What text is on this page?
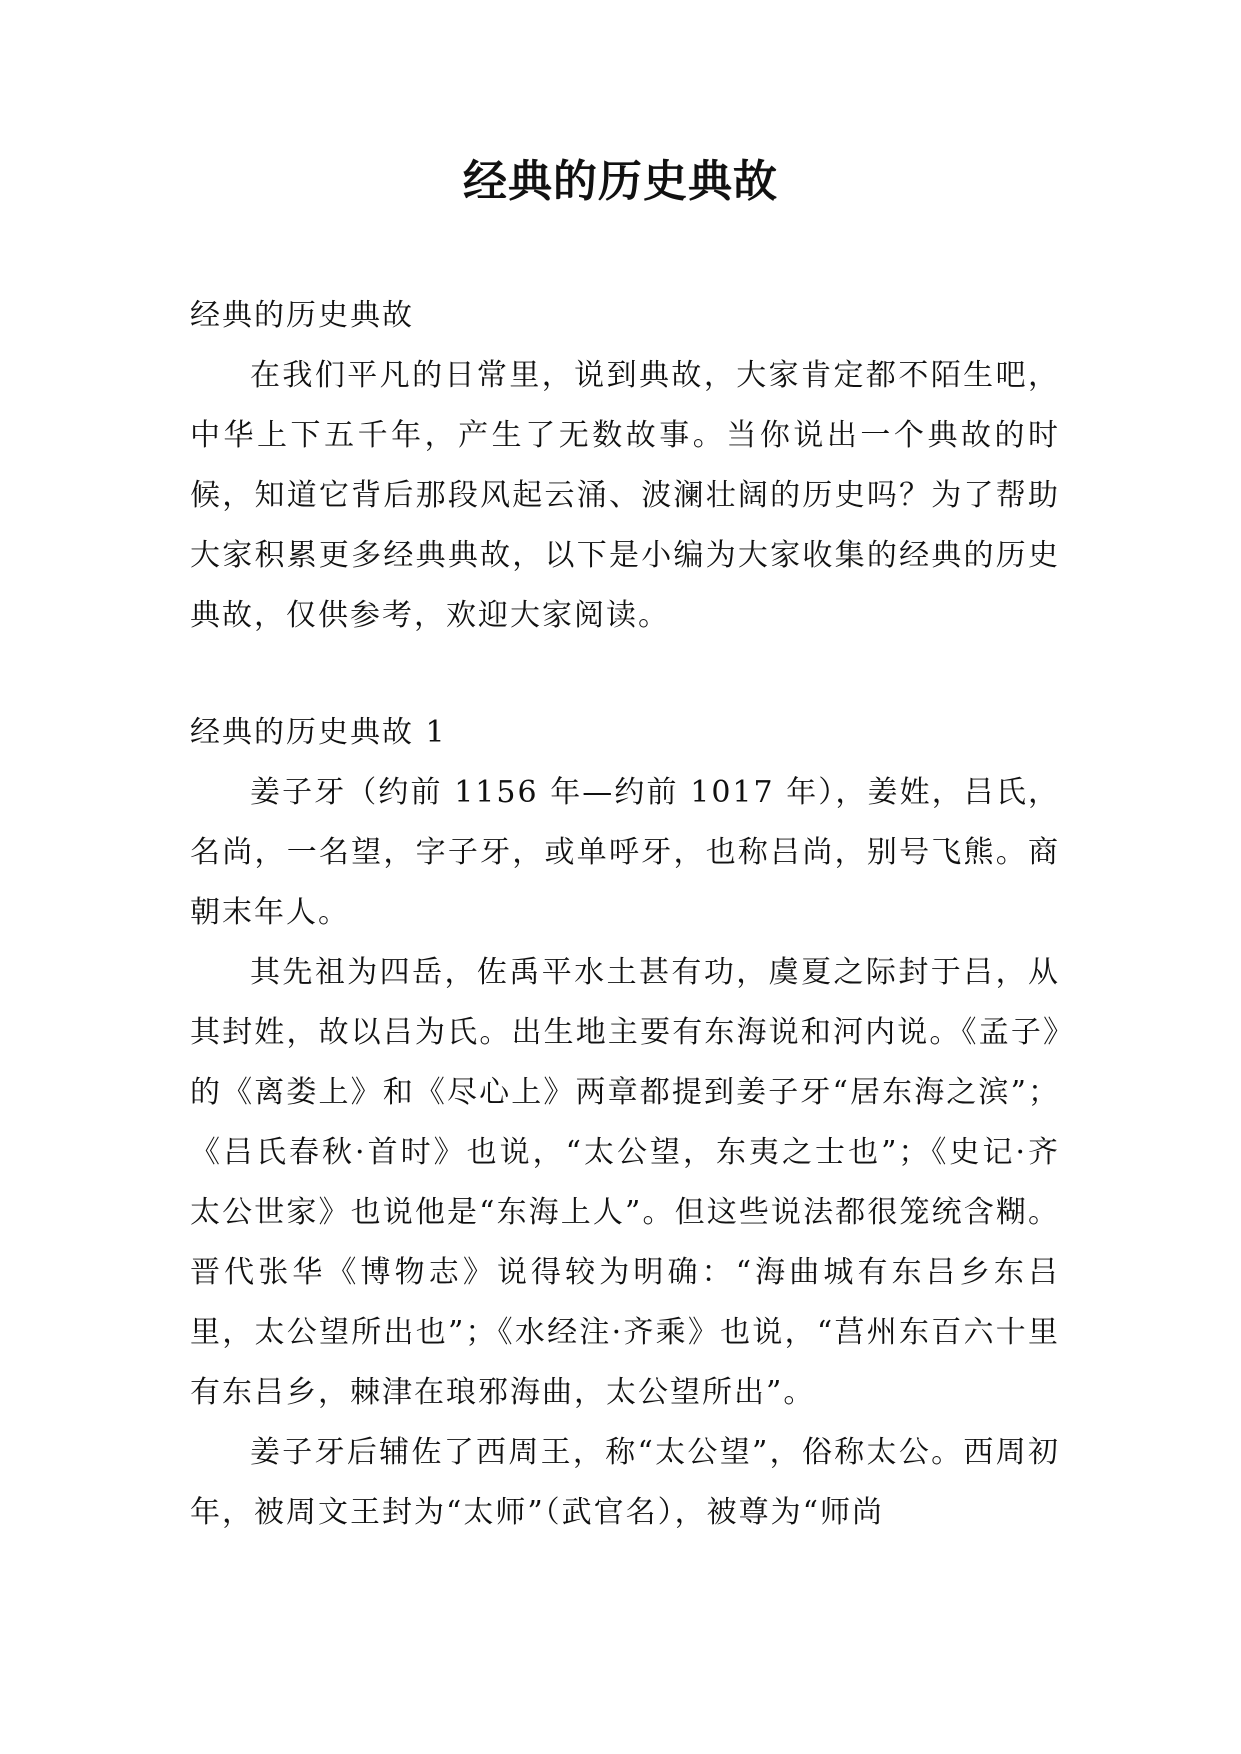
经典的历史典故

经典的历史典故

在我们平凡的日常里，说到典故，大家肯定都不陌生吧，中华上下五千年，产生了无数故事。当你说出一个典故的时候，知道它背后那段风起云涌、波澜壮阔的历史吗？为了帮助大家积累更多经典典故，以下是小编为大家收集的经典的历史典故，仅供参考，欢迎大家阅读。

经典的历史典故 1

姜子牙（约前 1156 年—约前 1017 年），姜姓，吕氏，名尚，一名望，字子牙，或单呼牙，也称吕尚，别号飞熊。商朝末年人。

其先祖为四岳，佐禹平水土甚有功，虞夏之际封于吕，从其封姓，故以吕为氏。出生地主要有东海说和河内说。《孟子》的《离娄上》和《尽心上》两章都提到姜子牙“居东海之滨”；《吕氏春秋·首时》也说，“太公望，东夷之士也”；《史记·齐太公世家》也说他是“东海上人”。但这些说法都很笼统含糊。晋代张华《博物志》说得较为明确：“海曲城有东吕乡东吕里，太公望所出也”；《水经注·齐乘》也说，“莒州东百六十里有东吕乡，棘津在琅邪海曲，太公望所出”。

姜子牙后辅佐了西周王，称“太公望”，俗称太公。西周初年，被周文王封为“太师”（武官名），被尊为“师尚
